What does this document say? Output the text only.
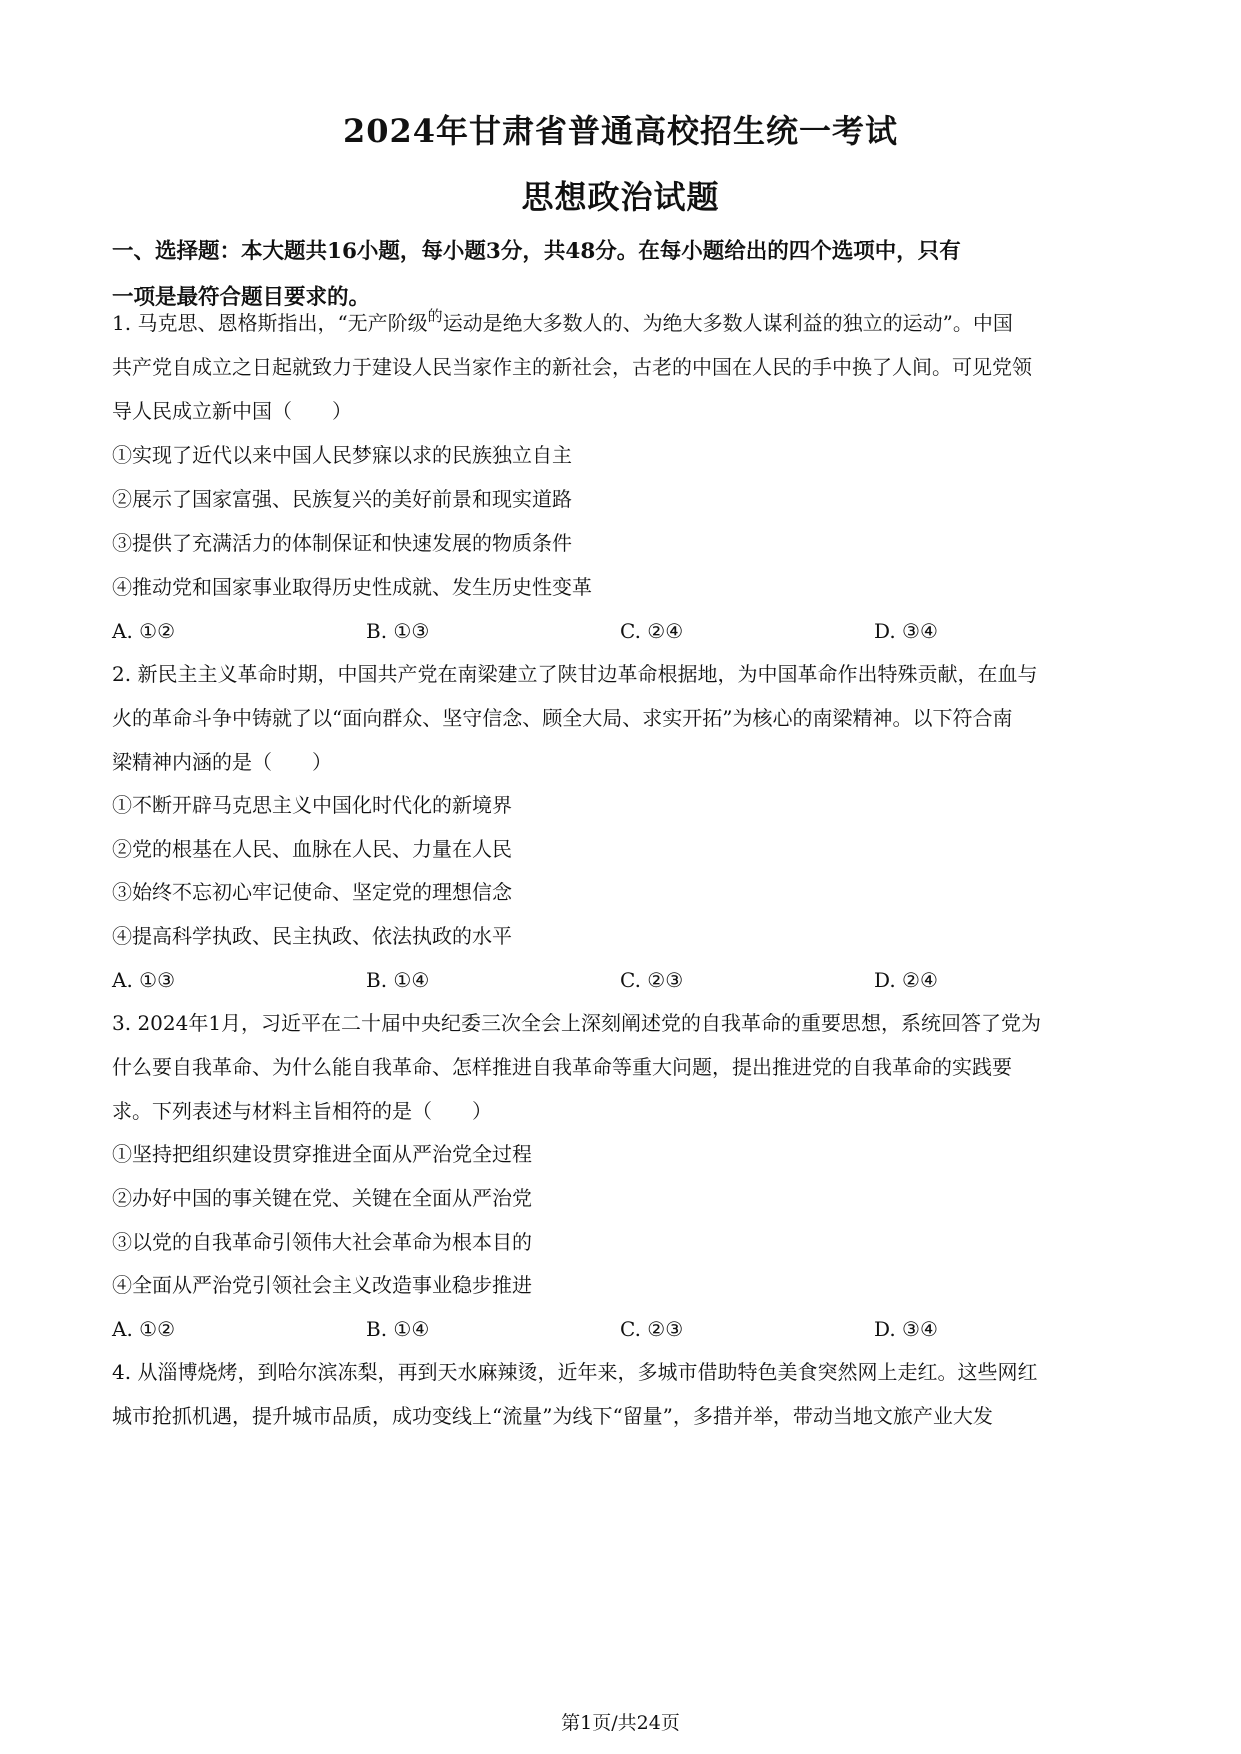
2024年甘肃省普通高校招生统一考试
思想政治试题
一、选择题：本大题共16小题，每小题3分，共48分。在每小题给出的四个选项中，只有
一项是最符合题目要求的。
1. 马克思、恩格斯指出，“无产阶级$^的$运动是绝大多数人的、为绝大多数人谋利益的独立的运动”。中国
共产党自成立之日起就致力于建设人民当家作主的新社会，古老的中国在人民的手中换了人间。可见党领
导人民成立新中国（　　）
①实现了近代以来中国人民梦寐以求的民族独立自主
②展示了国家富强、民族复兴的美好前景和现实道路
③提供了充满活力的体制保证和快速发展的物质条件
④推动党和国家事业取得历史性成就、发生历史性变革
A. ①②	B. ①③	C. ②④	D. ③④
2. 新民主主义革命时期，中国共产党在南梁建立了陕甘边革命根据地，为中国革命作出特殊贡献，在血与
火的革命斗争中铸就了以“面向群众、坚守信念、顾全大局、求实开拓”为核心的南梁精神。以下符合南
梁精神内涵的是（　　）
①不断开辟马克思主义中国化时代化的新境界
②党的根基在人民、血脉在人民、力量在人民
③始终不忘初心牢记使命、坚定党的理想信念
④提高科学执政、民主执政、依法执政的水平
A. ①③	B. ①④	C. ②③	D. ②④
3. 2024年1月，习近平在二十届中央纪委三次全会上深刻阐述党的自我革命的重要思想，系统回答了党为
什么要自我革命、为什么能自我革命、怎样推进自我革命等重大问题，提出推进党的自我革命的实践要
求。下列表述与材料主旨相符的是（　　）
①坚持把组织建设贯穿推进全面从严治党全过程
②办好中国的事关键在党、关键在全面从严治党
③以党的自我革命引领伟大社会革命为根本目的
④全面从严治党引领社会主义改造事业稳步推进
A. ①②	B. ①④	C. ②③	D. ③④
4. 从淄博烧烤，到哈尔滨冻梨，再到天水麻辣烫，近年来，多城市借助特色美食突然网上走红。这些网红
城市抢抓机遇，提升城市品质，成功变线上“流量”为线下“留量”，多措并举，带动当地文旅产业大发
第1页/共24页
